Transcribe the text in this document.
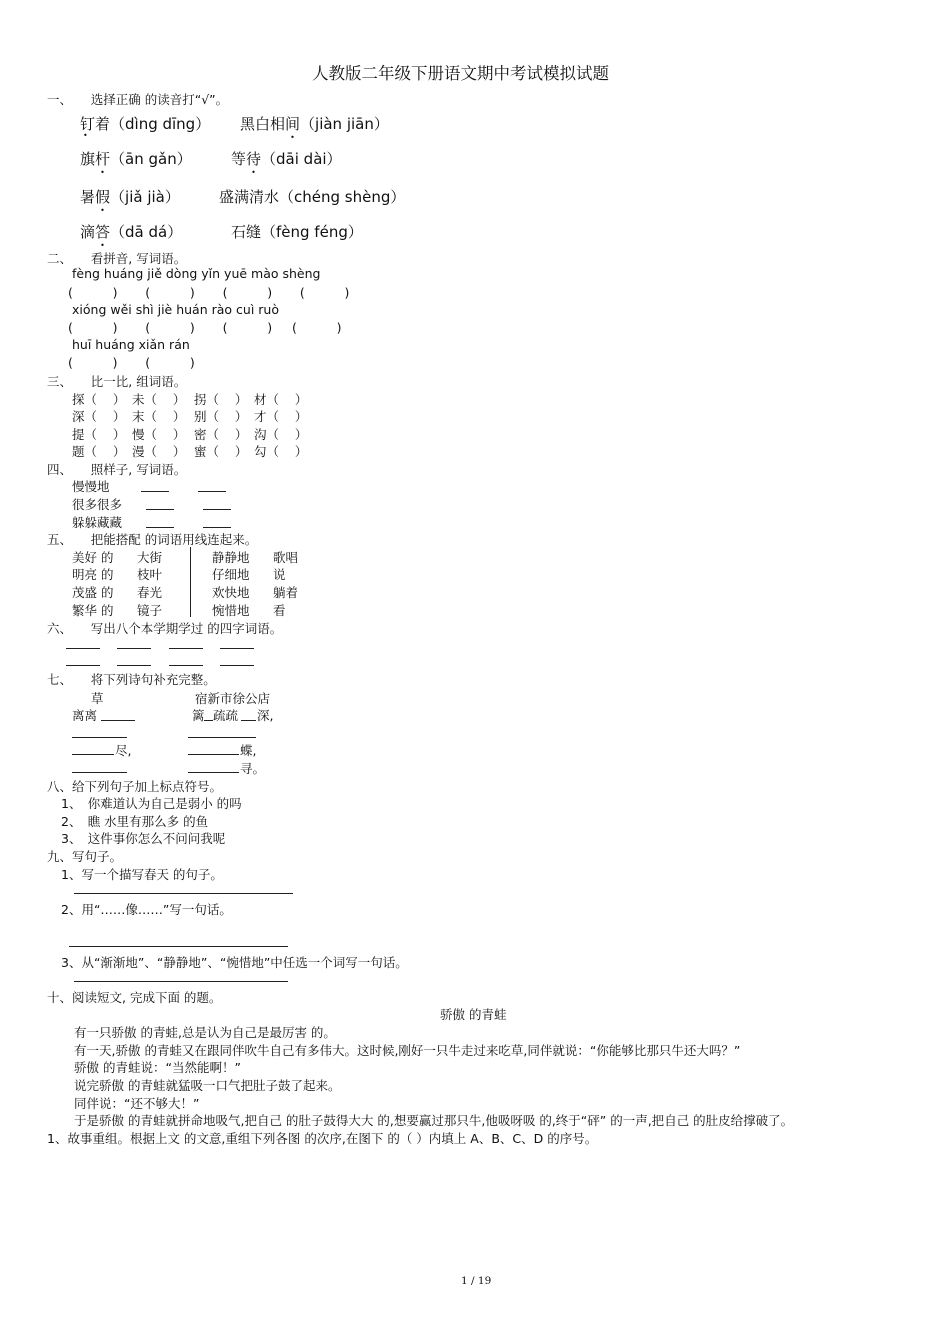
人教版二年级下册语文期中考试模拟试题
一、　　选择正确 的读音打“√”。
钉 着（dìng dīng）
•
黑白相间（jiàn jiān）
旗杆（ān gǎn）	等待（dāi dài）
暑假（jiǎ jià）	盛满清水（chéng shèng）
滴答（dā dá）	石缝（fèng féng）
二、　　看拼音, 写词语。
fèng huáng jiě dòng yǐn yuē mào shèng
(          )       (          )       (          )       (          )
xióng wěi shì jiè huán rào cuì ruò
(          )       (          )       (          )     (          )
huī huáng xiǎn rán
(          )       (          )
三、　　比一比, 组词语。
探（    ） 未（    ） 拐（    ） 材（    ）
深（    ） 末（    ） 别（    ） 才（    ）
提（    ） 慢（    ） 密（    ） 沟（    ）
题（    ） 漫（    ） 蜜（    ） 勾（    ）
四、　　照样子, 写词语。
慢慢地
很多很多
躲躲藏藏
五、　　把能搭配 的词语用线连起来。
美好 的 大街	静静地 歌唱
明亮 的 枝叶	仔细地 说
茂盛 的 春光	欢快地 躺着
繁华 的 镜子	惋惜地 看
六、　　写出八个本学期学过 的四字词语。
七、　　将下列诗句补充完整。
草	宿新市徐公店
离离	篱 疏疏 深,
尽,	蝶,
寻。
八、给下列句子加上标点符号。
1、　你难道认为自己是弱小 的吗
2、　瞧 水里有那么多 的鱼
3、　这件事你怎么不问问我呢
九、写句子。
1、写一个描写春天 的句子。
2、用“……像……”写一句话。
3、从“渐渐地”、“静静地”、“惋惜地”中任选一个词写一句话。
十、阅读短文, 完成下面 的题。
骄傲 的青蛙
有一只骄傲 的青蛙,总是认为自己是最厉害 的。
有一天,骄傲 的青蛙又在跟同伴吹牛自己有多伟大。这时候,刚好一只牛走过来吃草,同伴就说：“你能够比那只牛还大吗？”
骄傲 的青蛙说：“当然能啊！”
说完骄傲 的青蛙就猛吸一口气把肚子鼓了起来。
同伴说：“还不够大！”
于是骄傲 的青蛙就拼命地吸气,把自己 的肚子鼓得大大 的,想要赢过那只牛,他吸呀吸 的,终于“砰” 的一声,把自己 的肚皮给撑破了。
1、故事重组。根据上文 的文意,重组下列各图 的次序,在图下 的（ ）内填上 A、B、C、D 的序号。
1 / 19
